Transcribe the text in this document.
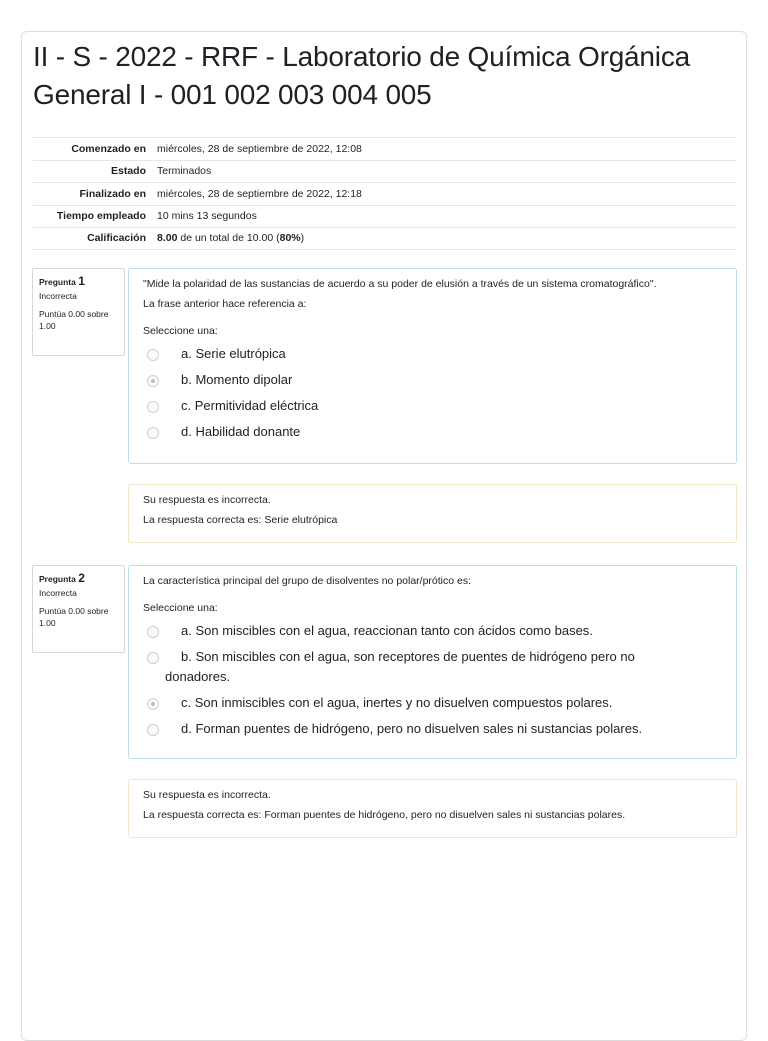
II - S - 2022 - RRF - Laboratorio de Química Orgánica General I - 001 002 003 004 005
Comenzado en	miércoles, 28 de septiembre de 2022, 12:08
Estado	Terminados
Finalizado en	miércoles, 28 de septiembre de 2022, 12:18
Tiempo empleado	10 mins 13 segundos
Calificación	8.00 de un total de 10.00 (80%)
Pregunta 1
Incorrecta
Puntúa 0.00 sobre 1.00

"Mide la polaridad de las sustancias de acuerdo a su poder de elusión a través de un sistema cromatográfico".

La frase anterior hace referencia a:

Seleccione una:

a. Serie elutrópica
b. Momento dipolar
c. Permitividad eléctrica
d. Habilidad donante

Su respuesta es incorrecta.

La respuesta correcta es: Serie elutrópica

Pregunta 2
Incorrecta
Puntúa 0.00 sobre 1.00

La característica principal del grupo de disolventes no polar/prótico es:

Seleccione una:

a. Son miscibles con el agua, reaccionan tanto con ácidos como bases.
b. Son miscibles con el agua, son receptores de puentes de hidrógeno pero no
donadores.
c. Son inmiscibles con el agua, inertes y no disuelven compuestos polares.
d. Forman puentes de hidrógeno, pero no disuelven sales ni sustancias polares.

Su respuesta es incorrecta.

La respuesta correcta es: Forman puentes de hidrógeno, pero no disuelven sales ni sustancias polares.
